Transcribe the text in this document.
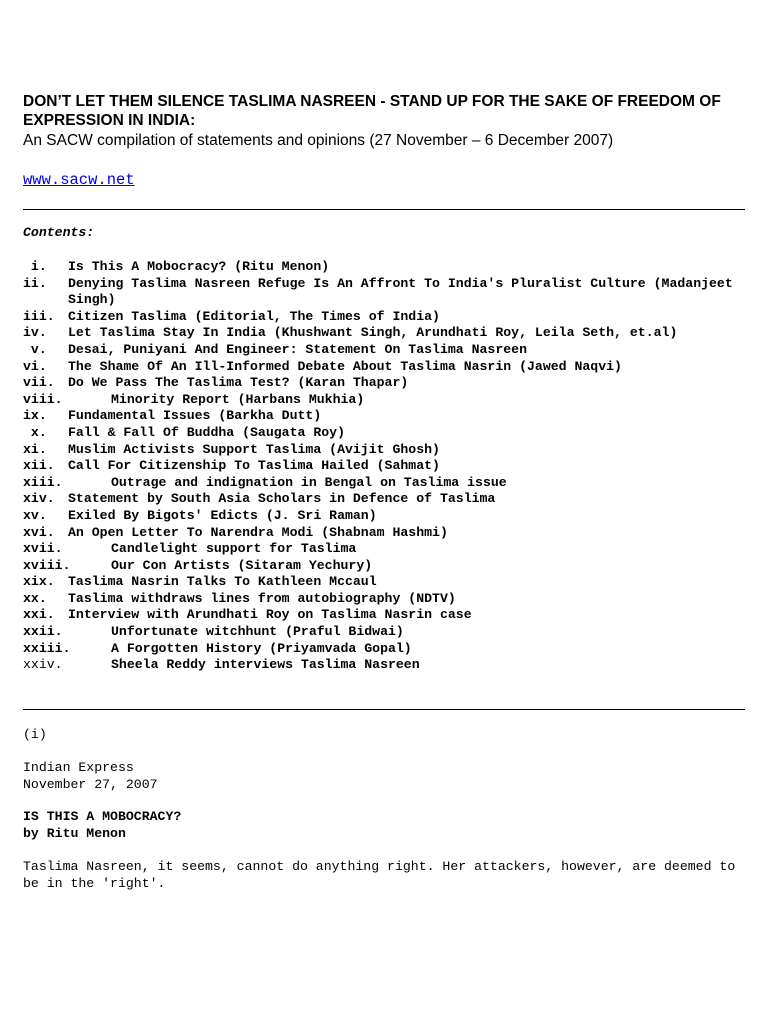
DON’T LET THEM SILENCE TASLIMA NASREEN - STAND UP FOR THE SAKE OF FREEDOM OF EXPRESSION IN INDIA:
An SACW compilation of statements and opinions (27 November – 6 December 2007)
www.sacw.net
Contents:
i.	Is This A Mobocracy? (Ritu Menon)
ii.	Denying Taslima Nasreen Refuge Is An Affront To India's Pluralist Culture (Madanjeet Singh)
iii.	Citizen Taslima (Editorial, The Times of India)
iv.	Let Taslima Stay In India (Khushwant Singh, Arundhati Roy, Leila Seth, et.al)
v.	Desai, Puniyani And Engineer: Statement On Taslima Nasreen
vi.	The Shame Of An Ill-Informed Debate About Taslima Nasrin (Jawed Naqvi)
vii.	Do We Pass The Taslima Test? (Karan Thapar)
viii.	Minority Report (Harbans Mukhia)
ix.	Fundamental Issues (Barkha Dutt)
x.	Fall & Fall Of Buddha (Saugata Roy)
xi.	Muslim Activists Support Taslima (Avijit Ghosh)
xii.	Call For Citizenship To Taslima Hailed (Sahmat)
xiii.	Outrage and indignation in Bengal on Taslima issue
xiv.	Statement by South Asia Scholars in Defence of Taslima
xv.	Exiled By Bigots' Edicts (J. Sri Raman)
xvi.	An Open Letter To Narendra Modi (Shabnam Hashmi)
xvii.	Candlelight support for Taslima
xviii.	Our Con Artists (Sitaram Yechury)
xix.	Taslima Nasrin Talks To Kathleen Mccaul
xx.	Taslima withdraws lines from autobiography (NDTV)
xxi.	Interview with Arundhati Roy on Taslima Nasrin case
xxii.	Unfortunate witchhunt (Praful Bidwai)
xxiii.	A Forgotten History (Priyamvada Gopal)
xxiv.	Sheela Reddy interviews Taslima Nasreen
(i)
Indian Express
November 27, 2007
IS THIS A MOBOCRACY?
by Ritu Menon
Taslima Nasreen, it seems, cannot do anything right. Her attackers, however, are deemed to be in the 'right'.
